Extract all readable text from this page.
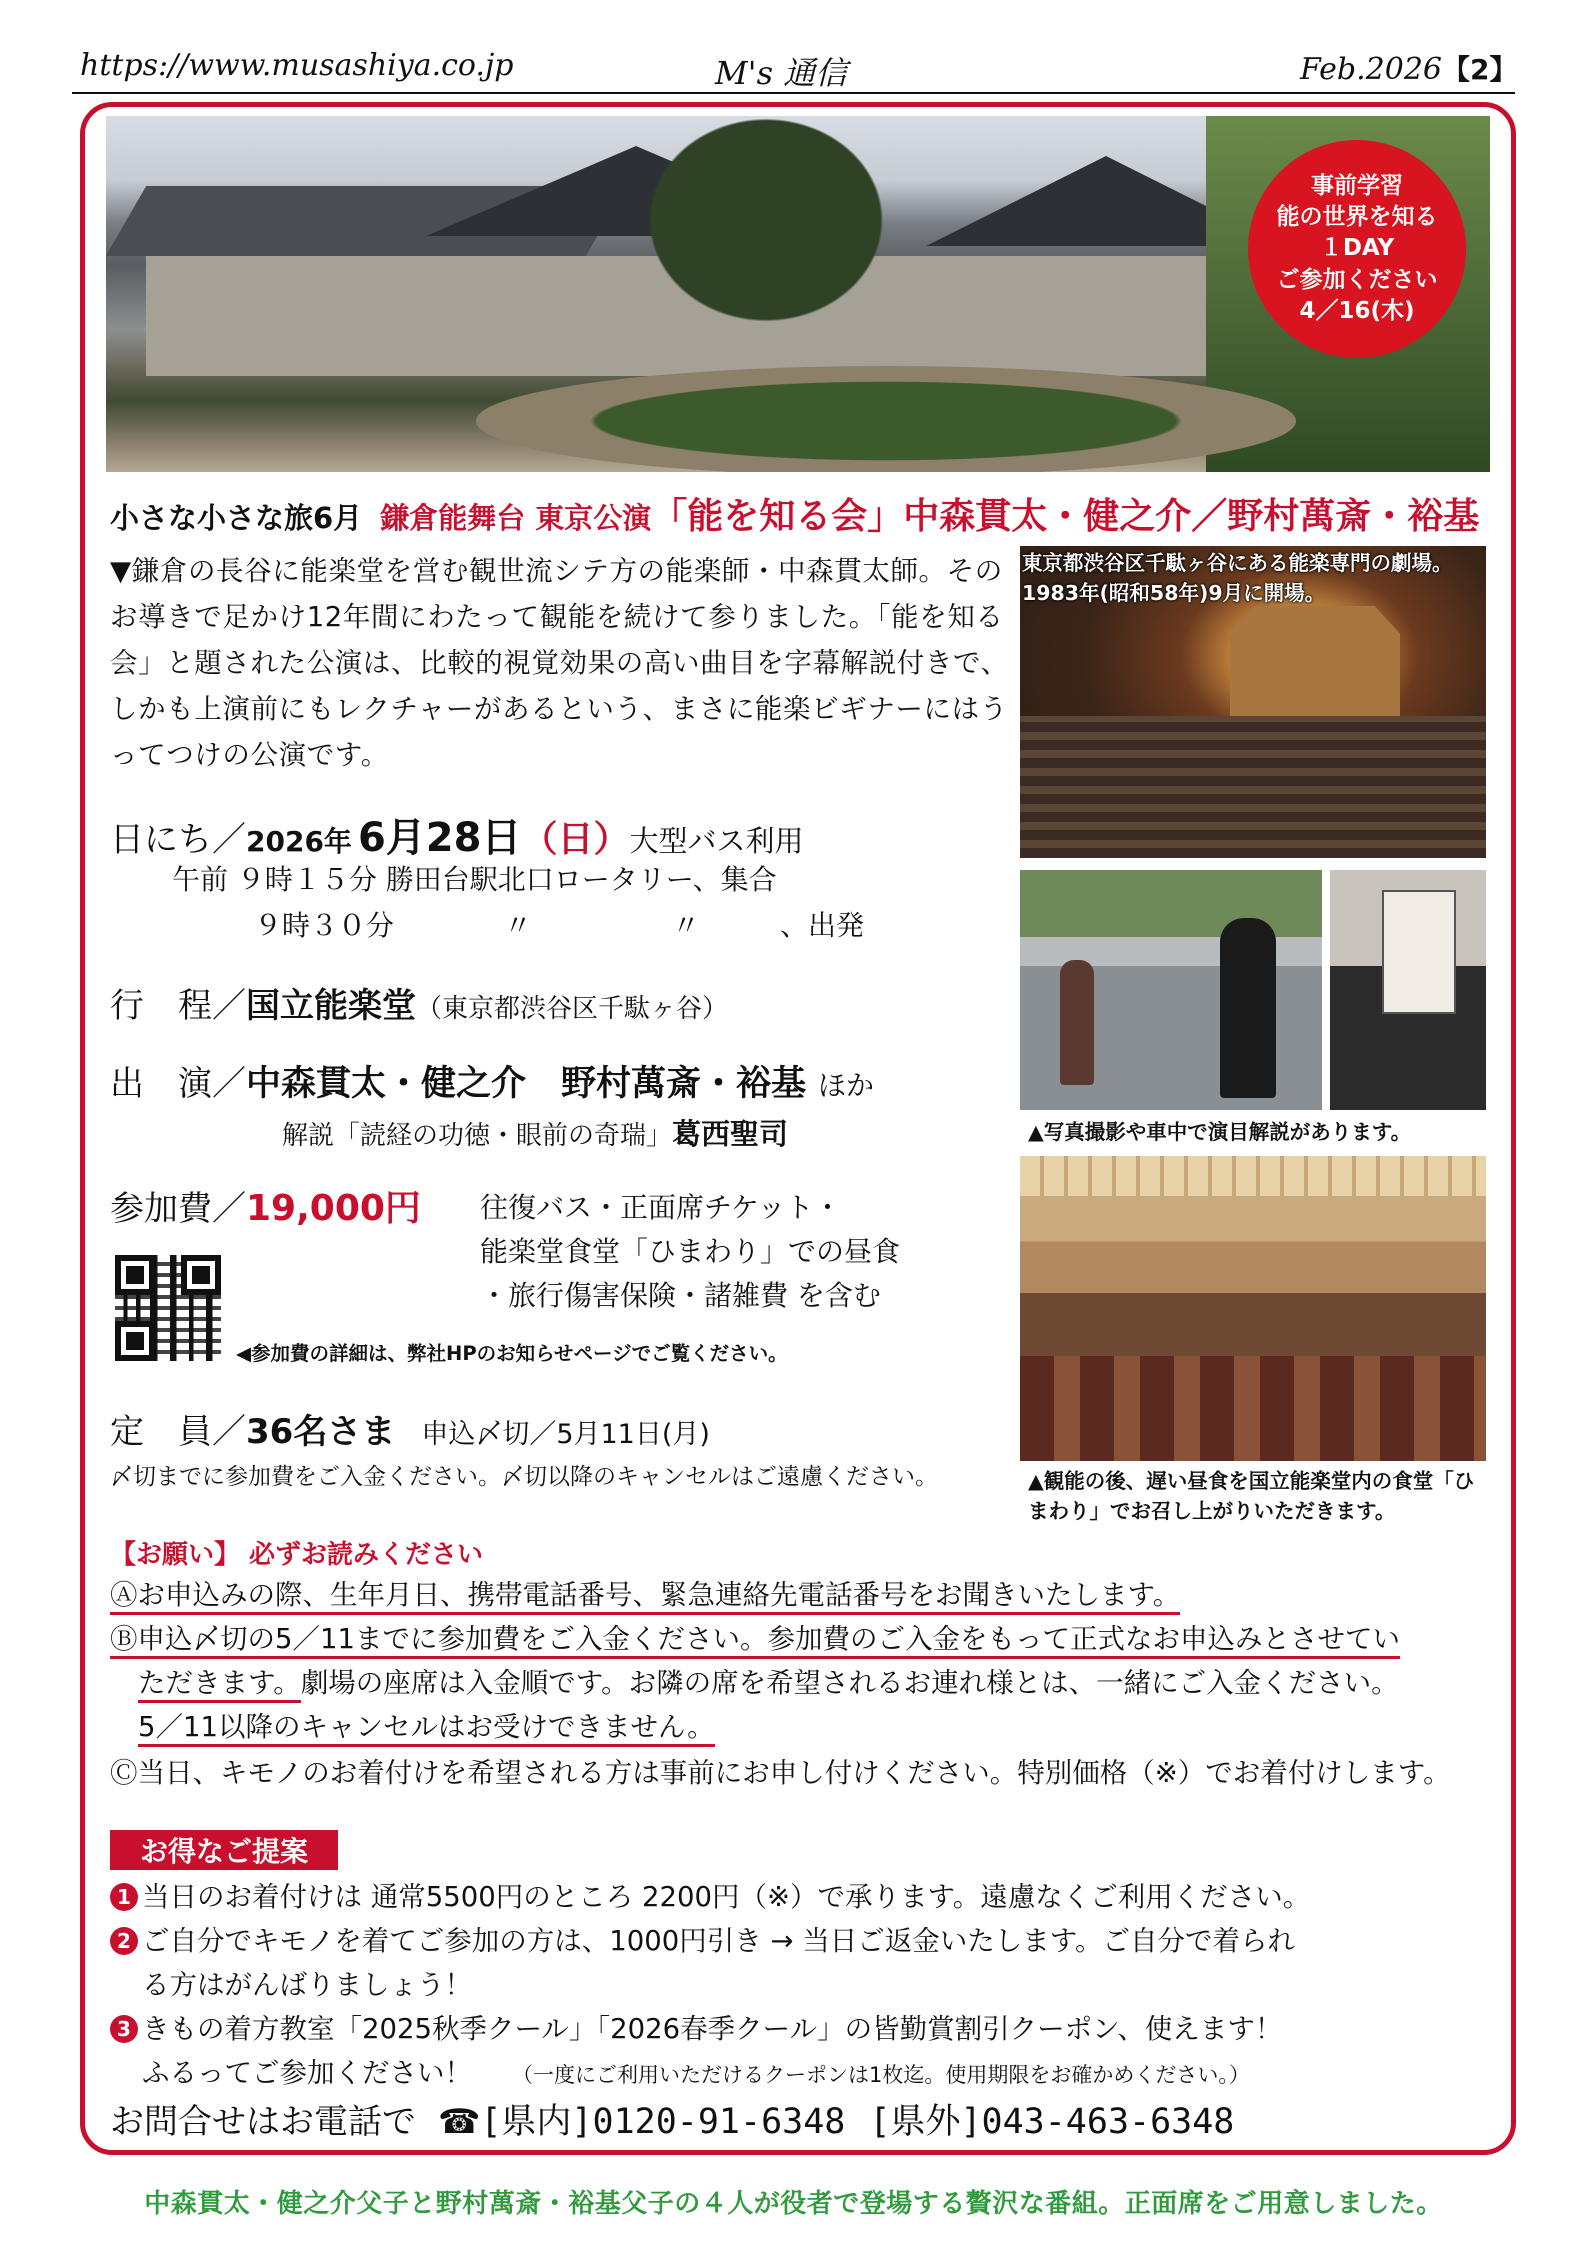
https://www.musashiya.co.jp	M's 通信	Feb.2026【2】
事前学習
能の世界を知る
１DAY
ご参加ください
4／16(木)
小さな小さな旅6月 鎌倉能舞台 東京公演「能を知る会」中森貫太・健之介／野村萬斎・裕基
▼鎌倉の長谷に能楽堂を営む観世流シテ方の能楽師・中森貫太師。そのお導きで足かけ12年間にわたって観能を続けて参りました。「能を知る会」と題された公演は、比較的視覚効果の高い曲目を字幕解説付きで、しかも上演前にもレクチャーがあるという、まさに能楽ビギナーにはうってつけの公演です。
東京都渋谷区千駄ヶ谷にある能楽専門の劇場。1983年(昭和58年)9月に開場。
▲写真撮影や車中で演目解説があります。
▲観能の後、遅い昼食を国立能楽堂内の食堂「ひまわり」でお召し上がりいただきます。
日にち／2026年 6月28日（日）大型バス利用
午前 ９時１５分 勝田台駅北口ロータリー、集合
９時３０分	〃	〃	、出発
行　程／国立能楽堂（東京都渋谷区千駄ヶ谷）
出　演／中森貫太・健之介　野村萬斎・裕基 ほか
解説「読経の功徳・眼前の奇瑞」葛西聖司
参加費／19,000円 往復バス・正面席チケット・
能楽堂食堂「ひまわり」での昼食
・旅行傷害保険・諸雑費 を含む
◀参加費の詳細は、弊社HPのお知らせページでご覧ください。
定　員／36名さま 申込〆切／5月11日(月)
〆切までに参加費をご入金ください。〆切以降のキャンセルはご遠慮ください。
【お願い】 必ずお読みください
Ⓐお申込みの際、生年月日、携帯電話番号、緊急連絡先電話番号をお聞きいたします。
Ⓑ申込〆切の5／11までに参加費をご入金ください。参加費のご入金をもって正式なお申込みとさせてい
ただきます。劇場の座席は入金順です。お隣の席を希望されるお連れ様とは、一緒にご入金ください。
5／11以降のキャンセルはお受けできません。
Ⓒ当日、キモノのお着付けを希望される方は事前にお申し付けください。特別価格（※）でお着付けします。
お得なご提案
1 当日のお着付けは 通常5500円のところ 2200円（※）で承ります。遠慮なくご利用ください。
2 ご自分でキモノを着てご参加の方は、1000円引き → 当日ご返金いたします。ご自分で着られ
る方はがんばりましょう！
3 きもの着方教室「2025秋季クール」「2026春季クール」の皆勤賞割引クーポン、使えます！
ふるってご参加ください！ （一度にご利用いただけるクーポンは1枚迄。使用期限をお確かめください。）
お問合せはお電話で ☎[県内]0120-91-6348 [県外]043-463-6348
中森貫太・健之介父子と野村萬斎・裕基父子の４人が役者で登場する贅沢な番組。正面席をご用意しました。
